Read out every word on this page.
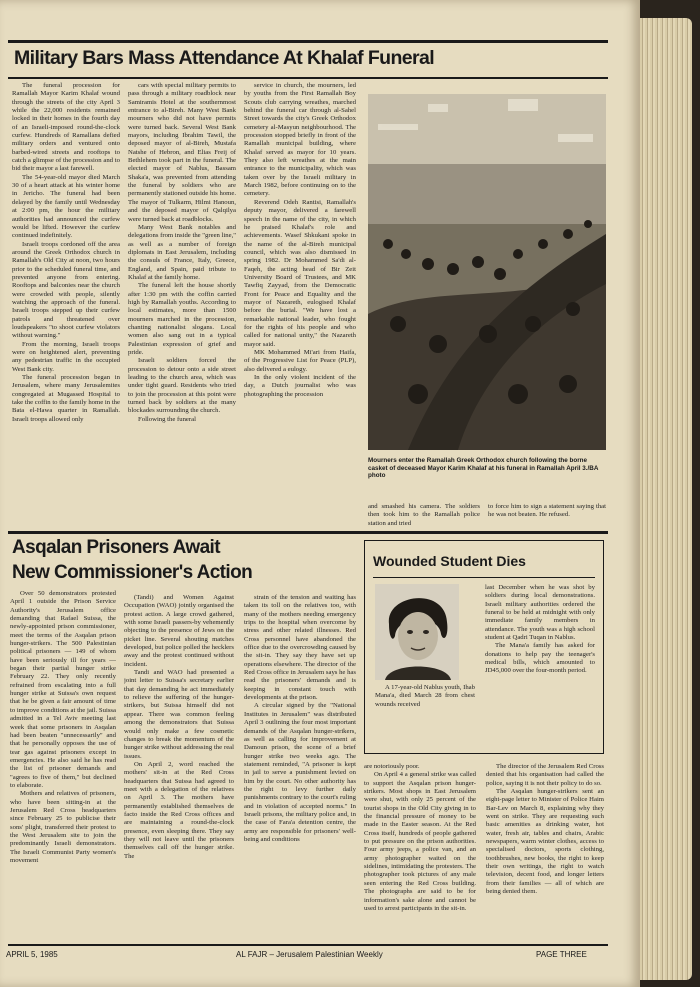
Military Bars Mass Attendance At Khalaf Funeral

The funeral procession for Ramallah Mayor Karim Khalaf wound through the streets of the city April 3 while the 22,000 residents remained locked in their homes in the fourth day of an Israeli-imposed round-the-clock curfew. Hundreds of Ramallans defied military orders and ventured onto barbed-wired streets and rooftops to catch a glimpse of the procession and to bid their mayor a last farewell.

The 54-year-old mayor died March 30 of a heart attack at his winter home in Jericho. The funeral had been delayed by the family until Wednesday at 2:00 pm, the hour the military authorities had announced the curfew would be lifted. However the curfew continued indefinitely.

Israeli troops cordoned off the area around the Greek Orthodox church in Ramallah's Old City at noon, two hours prior to the scheduled funeral time, and prevented anyone from entering. Rooftops and balconies near the church were crowded with people, silently watching the approach of the funeral. Israeli troops stepped up their curfew patrols and threatened over loudspeakers "to shoot curfew violators without warning."

From the morning, Israeli troops were on heightened alert, preventing any pedestrian traffic in the occupied West Bank city.

The funeral procession began in Jerusalem, where many Jerusalemites congregated at Mugassed Hospital to take the coffin to the family home in the Bata el-Hawa quarter in Ramallah. Israeli troops allowed only

cars with special military permits to pass through a military roadblock near Samiramis Hotel at the southernmost entrance to al-Bireh. Many West Bank mourners who did not have permits were turned back. Several West Bank mayors, including Ibrahim Tawil, the deposed mayor of al-Bireh, Mustafa Natshe of Hebron, and Elias Freij of Bethlehem took part in the funeral. The elected mayor of Nablus, Bassam Shaka'a, was prevented from attending the funeral by soldiers who are permanently stationed outside his home. The mayor of Tulkarm, Hilmi Hanoun, and the deposed mayor of Qalqilya were turned back at roadblocks.

Many West Bank notables and delegations from inside the "green line," as well as a number of foreign diplomats in East Jerusalem, including the consuls of France, Italy, Greece, England, and Spain, paid tribute to Khalaf at the family home.

The funeral left the house shortly after 1:30 pm with the coffin carried high by Ramallah youths. According to local estimates, more than 1500 mourners marched in the procession, chanting nationalist slogans. Local women also sang out in a typical Palestinian expression of grief and pride.

Israeli soldiers forced the procession to detour onto a side street leading to the church area, which was under tight guard. Residents who tried to join the procession at this point were turned back by soldiers at the many blockades surrounding the church.

Following the funeral

service in church, the mourners, led by youths from the First Ramallah Boy Scouts club carrying wreathes, marched behind the funeral car through al-Sahel Street towards the city's Greek Orthodox cemetery al-Masyun neighbourhood. The procession stopped briefly in front of the Ramallah municipal building, where Khalaf served as mayor for 10 years. They also left wreathes at the main entrance to the municipality, which was taken over by the Israeli military in March 1982, before continuing on to the cemetery.

Reverend Odeh Rantisi, Ramallah's deputy mayor, delivered a farewell speech in the name of the city, in which he praised Khalaf's role and achievements. Wasef Shkukani spoke in the name of the al-Bireh municipal council, which was also dismissed in spring 1982. Dr Mohammed Sa'di al-Faqeh, the acting head of Bir Zeit University Board of Trustees, and MK Tawfiq Zayyad, from the Democratic Front for Peace and Equality and the mayor of Nazareth, eulogised Khalaf before the burial. "We have lost a remarkable national leader, who fought for the rights of his people and who called for national unity," the Nazareth mayor said.

MK Mohammed Mi'ari from Haifa, of the Progressive List for Peace (PLP), also delivered a eulogy.

In the only violent incident of the day, a Dutch journalist who was photographing the procession

Mourners enter the Ramallah Greek Orthodox church following the borne casket of deceased Mayor Karim Khalaf at his funeral in Ramallah April 3./BA photo

and smashed his camera. The soldiers then took him to the Ramallah police station and tried

to force him to sign a statement saying that he was not beaten. He refused.

Asqalan Prisoners Await
New Commissioner's Action

Over 50 demonstrators protested April 1 outside the Prison Service Authority's Jerusalem office demanding that Rafael Suissa, the newly-appointed prison commissioner, meet the terms of the Asqalan prison hunger-strikers. The 500 Palestinian political prisoners — 149 of whom have been seriously ill for years — began their partial hunger strike February 22. They only recently refrained from escalating into a full hunger strike at Suissa's own request that he be given a fair amount of time to improve conditions at the jail. Suissa admitted in a Tel Aviv meeting last week that some prisoners in Asqalan had been beaten "unnecessarily" and that he personally opposes the use of tear gas against prisoners except in emergencies. He also said he has read the list of prisoner demands and "agrees to five of them," but declined to elaborate.

Mothers and relatives of prisoners, who have been sitting-in at the Jerusalem Red Cross headquarters since February 25 to publicise their sons' plight, transferred their protest to the West Jerusalem site to join the predominantly Israeli demonstrators. The Israeli Communist Party women's movement

(Tandi) and Women Against Occupation (WAO) jointly organised the protest action. A large crowd gathered, with some Israeli passers-by vehemently objecting to the presence of Jews on the picket line. Several shouting matches developed, but police polled the hecklers away and the protest continued without incident.

Tandi and WAO had presented a joint letter to Suissa's secretary earlier that day demanding he act immediately to relieve the suffering of the hunger-strikers, but Suissa himself did not appear. There was common feeling among the demonstrators that Suissa would only make a few cosmetic changes to break the momentum of the hunger strike without addressing the real issues.

On April 2, word reached the mothers' sit-in at the Red Cross headquarters that Suissa had agreed to meet with a delegation of the relatives on April 3. The mothers have permanently established themselves de facto inside the Red Cross offices and are maintaining a round-the-clock presence, even sleeping there. They say they will not leave until the prisoners themselves call off the hunger strike. The

strain of the tension and waiting has taken its toll on the relatives too, with many of the mothers needing emergency trips to the hospital when overcome by stress and other related illnesses. Red Cross personnel have abandoned the office due to the overcrowding caused by the sit-in. They say they have set up operations elsewhere. The director of the Red Cross office in Jerusalem says he has read the prisoners' demands and is keeping in constant touch with developments at the prison.

A circular signed by the "National Institutes in Jerusalem" was distributed April 3 outlining the four most important demands of the Asqalan hunger-strikers, as well as calling for improvement at Damoun prison, the scene of a brief hunger strike two weeks ago. The statement reminded, "A prisoner is kept in jail to serve a punishment levied on him by the court. No other authority has the right to levy further daily punishments contrary to the court's ruling and in violation of accepted norms." In Israeli prisons, the military police and, in the case of Fara'a detention centre, the army are responsible for prisoners' well-being and conditions

are notoriously poor.

On April 4 a general strike was called to support the Asqalan prison hunger-strikers. Most shops in East Jerusalem were shut, with only 25 percent of the tourist shops in the Old City giving in to the financial pressure of money to be made in the Easter season. At the Red Cross itself, hundreds of people gathered to put pressure on the prison authorities. Four army jeeps, a police van, and an army photographer waited on the sidelines, intimidating the protesters. The photographer took pictures of any male seen entering the Red Cross building. The photographs are said to be for information's sake alone and cannot be used to arrest participants in the sit-in.

The director of the Jerusalem Red Cross denied that his organisation had called the police, saying it is not their policy to do so.

The Asqalan hunger-strikers sent an eight-page letter to Minister of Police Haim Bar-Lev on March 8, explaining why they went on strike. They are requesting such basic amenities as drinking water, hot water, fresh air, tables and chairs, Arabic newspapers, warm winter clothes, access to specialised doctors, sports clothing, toothbrushes, new books, the right to keep their own writings, the right to watch television, decent food, and longer letters from their families — all of which are being denied them.

Wounded Student Dies

A 17-year-old Nablus youth, Ihab Mana'a, died March 28 from chest wounds received

last December when he was shot by soldiers during local demonstrations. Israeli military authorities ordered the funeral to be held at midnight with only immediate family members in attendance. The youth was a high school student at Qadri Tuqan in Nablus.

The Mana'a family has asked for donations to help pay the teenager's medical bills, which amounted to JD45,000 over the four-month period.

APRIL 5, 1985	AL FAJR – Jerusalem Palestinian Weekly	PAGE THREE
